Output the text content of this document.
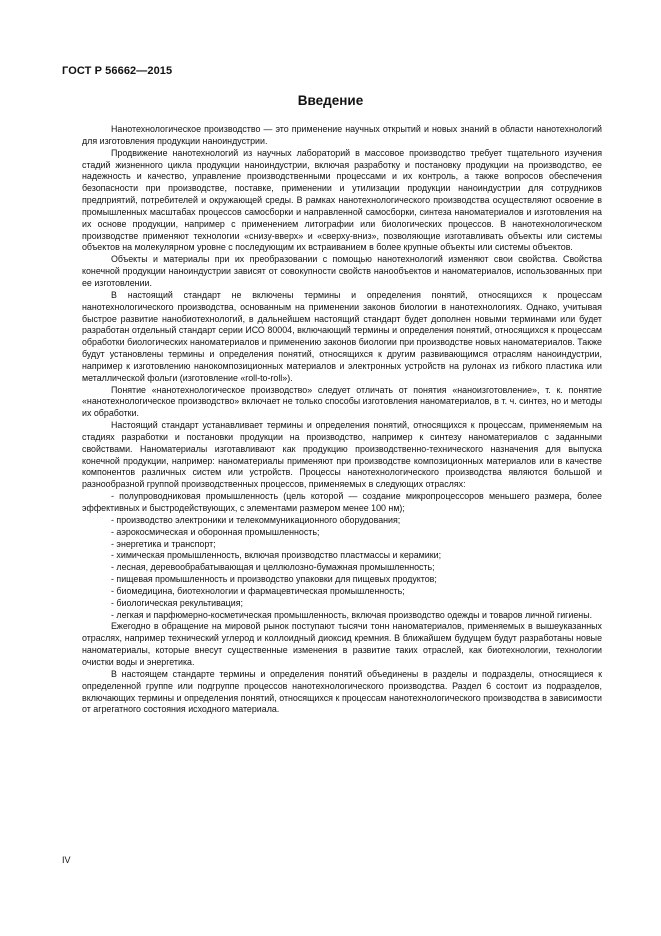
ГОСТ Р 56662—2015
Введение

Нанотехнологическое производство — это применение научных открытий и новых знаний в области нанотехнологий для изготовления продукции наноиндустрии.

Продвижение нанотехнологий из научных лабораторий в массовое производство требует тщательного изучения стадий жизненного цикла продукции наноиндустрии, включая разработку и постановку продукции на производство, ее надежность и качество, управление производственными процессами и их контроль, а также вопросов обеспечения безопасности при производстве, поставке, применении и утилизации продукции наноиндустрии для сотрудников предприятий, потребителей и окружающей среды. В рамках нанотехнологического производства осуществляют освоение в промышленных масштабах процессов самосборки и направленной самосборки, синтеза наноматериалов и изготовления на их основе продукции, например с применением литографии или биологических процессов. В нанотехнологическом производстве применяют технологии «снизу-вверх» и «сверху-вниз», позволяющие изготавливать объекты или системы объектов на молекулярном уровне с последующим их встраиванием в более крупные объекты или системы объектов.

Объекты и материалы при их преобразовании с помощью нанотехнологий изменяют свои свойства. Свойства конечной продукции наноиндустрии зависят от совокупности свойств нанообъектов и наноматериалов, использованных при ее изготовлении.

В настоящий стандарт не включены термины и определения понятий, относящихся к процессам нанотехнологического производства, основанным на применении законов биологии в нанотехнологиях. Однако, учитывая быстрое развитие нанобиотехнологий, в дальнейшем настоящий стандарт будет дополнен новыми терминами или будет разработан отдельный стандарт серии ИСО 80004, включающий термины и определения понятий, относящихся к процессам обработки биологических наноматериалов и применению законов биологии при производстве новых наноматериалов. Также будут установлены термины и определения понятий, относящихся к другим развивающимся отраслям наноиндустрии, например к изготовлению нанокомпозиционных материалов и электронных устройств на рулонах из гибкого пластика или металлической фольги (изготовление «roll-to-roll»).

Понятие «нанотехнологическое производство» следует отличать от понятия «наноизготовление», т. к. понятие «нанотехнологическое производство» включает не только способы изготовления наноматериалов, в т. ч. синтез, но и методы их обработки.

Настоящий стандарт устанавливает термины и определения понятий, относящихся к процессам, применяемым на стадиях разработки и постановки продукции на производство, например к синтезу наноматериалов с заданными свойствами. Наноматериалы изготавливают как продукцию производственно-технического назначения для выпуска конечной продукции, например: наноматериалы применяют при производстве композиционных материалов или в качестве компонентов различных систем или устройств. Процессы нанотехнологического производства являются большой и разнообразной группой производственных процессов, применяемых в следующих отраслях:

- полупроводниковая промышленность (цель которой — создание микропроцессоров меньшего размера, более эффективных и быстродействующих, с элементами размером менее 100 нм);
- производство электроники и телекоммуникационного оборудования;
- аэрокосмическая и оборонная промышленность;
- энергетика и транспорт;
- химическая промышленность, включая производство пластмассы и керамики;
- лесная, деревообрабатывающая и целлюлозно-бумажная промышленность;
- пищевая промышленность и производство упаковки для пищевых продуктов;
- биомедицина, биотехнологии и фармацевтическая промышленность;
- биологическая рекультивация;
- легкая и парфюмерно-косметическая промышленность, включая производство одежды и товаров личной гигиены.

Ежегодно в обращение на мировой рынок поступают тысячи тонн наноматериалов, применяемых в вышеуказанных отраслях, например технический углерод и коллоидный диоксид кремния. В ближайшем будущем будут разработаны новые наноматериалы, которые внесут существенные изменения в развитие таких отраслей, как биотехнологии, технологии очистки воды и энергетика.

В настоящем стандарте термины и определения понятий объединены в разделы и подразделы, относящиеся к определенной группе или подгруппе процессов нанотехнологического производства. Раздел 6 состоит из подразделов, включающих термины и определения понятий, относящихся к процессам нанотехнологического производства в зависимости от агрегатного состояния исходного материала.

IV
